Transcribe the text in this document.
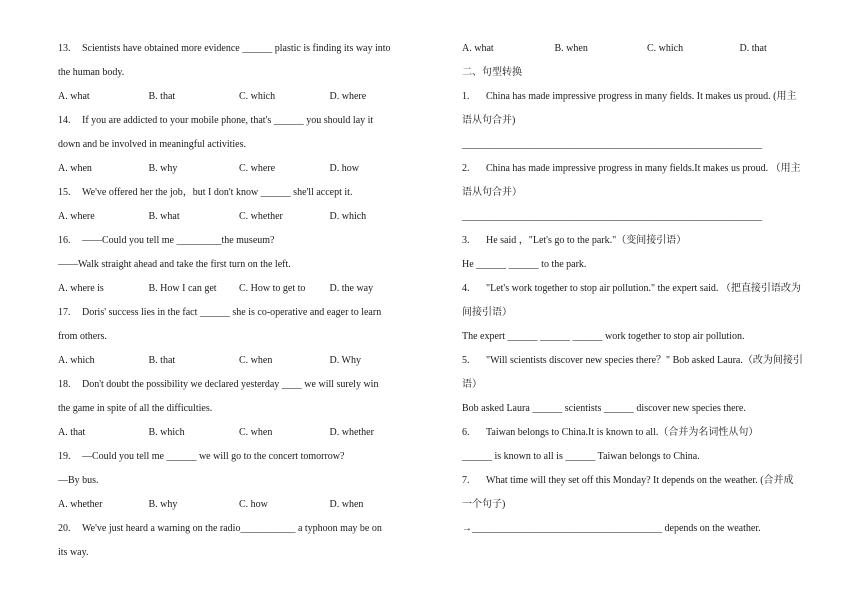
13. Scientists have obtained more evidence ______ plastic is finding its way into
the human body.
A. what	B. that	C. which	D. where
14. If you are addicted to your mobile phone, that's ______ you should lay it
down and be involved in meaningful activities.
A. when	B. why	C. where	D. how
15. We've offered her the job，but I don't know ______ she'll accept it.
A. where	B. what	C. whether	D. which
16. ——Could you tell me _________the museum?
——Walk straight ahead and take the first turn on the left.
A. where is	B. How I can get	C. How to get to	D. the way
17. Doris' success lies in the fact ______ she is co-operative and eager to learn
from others.
A. which	B. that	C. when	D. Why
18. Don't doubt the possibility we declared yesterday ____ we will surely win
the game in spite of all the difficulties.
A. that	B. which	C. when	D. whether
19. —Could you tell me ______ we will go to the concert tomorrow?
—By bus.
A. whether	B. why	C. how	D. when
20. We've just heard a warning on the radio___________ a typhoon may be on
its way.
A. what	B. when	C. which	D. that
二、句型转换
1. China has made impressive progress in many fields. It makes us proud. (用主
语从句合并)
____________________________________________________________
2. China has made impressive progress in many fields.It makes us proud. （用主
语从句合并）
____________________________________________________________
3. He said ，"Let's go to the park."（变间接引语）
He ______ ______ to the park.
4. "Let's work together to stop air pollution." the expert said. （把直接引语改为
间接引语）
The expert ______ ______ ______ work together to stop air pollution.
5. "Will scientists discover new species there？" Bob asked Laura.（改为间接引
语）
Bob asked Laura ______ scientists ______ discover new species there.
6. Taiwan belongs to China.It is known to all.（合并为名词性从句）
______ is known to all is ______ Taiwan belongs to China.
7. What time will they set off this Monday? It depends on the weather. (合并成
一个句子)
→______________________________________ depends on the weather.
